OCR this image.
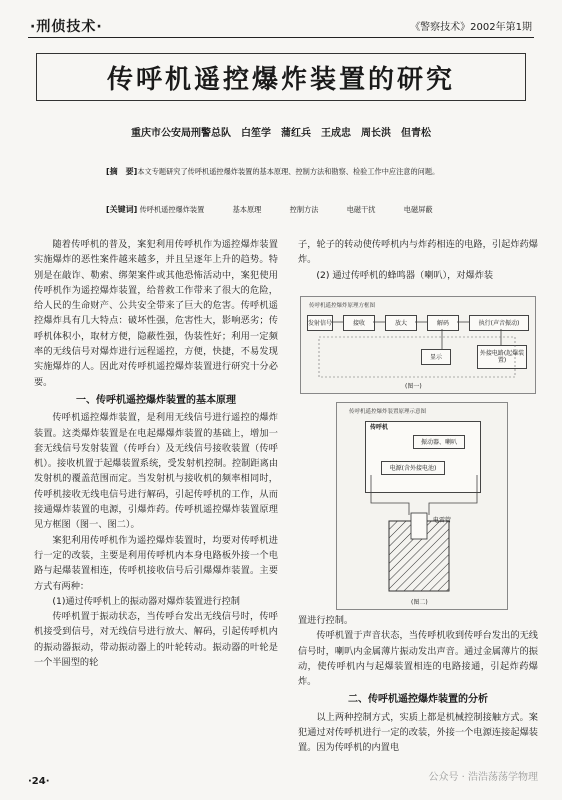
·刑侦技术·	《警察技术》2002年第1期
传呼机遥控爆炸装置的研究
重庆市公安局刑警总队　白笙学　蒲红兵　王成忠　周长洪　但青松
[摘　要]本文专题研究了传呼机遥控爆炸装置的基本原理、控制方法和勘察、检验工作中应注意的问题。
[关键词] 传呼机遥控爆炸装置	基本原理	控制方法	电磁干扰	电磁屏蔽

随着传呼机的普及，案犯利用传呼机作为遥控爆炸装置实施爆炸的恶性案件越来越多，并且呈逐年上升的趋势。特别是在敲诈、勒索、绑架案件或其他恐怖活动中，案犯使用传呼机作为遥控爆炸装置，给普救工作带来了很大的危险，给人民的生命财产、公共安全带来了巨大的危害。传呼机遥控爆炸具有几大特点：破坏性强，危害性大，影响恶劣；传呼机体积小，取材方便，隐蔽性强，伪装性好；利用一定频率的无线信号对爆炸进行远程遥控，方便，快捷，不易发现实施爆炸的人。因此对传呼机遥控爆炸装置进行研究十分必要。

一、传呼机遥控爆炸装置的基本原理

传呼机遥控爆炸装置，是利用无线信号进行遥控的爆炸装置。这类爆炸装置是在电起爆爆炸装置的基础上，增加一套无线信号发射装置（传呼台）及无线信号接收装置（传呼机）。接收机置于起爆装置系统，受发射机控制。控制距离由发射机的覆盖范围而定。当发射机与接收机的频率相同时，传呼机接收无线电信号进行解码，引起传呼机的工作，从而接通爆炸装置的电源，引爆炸药。传呼机遥控爆炸装置原理见方框图（图一、图二）。

案犯利用传呼机作为遥控爆炸装置时，均要对传呼机进行一定的改装，主要是利用传呼机内本身电路板外接一个电路与起爆装置相连，传呼机接收信号后引爆爆炸装置。主要方式有两种：

(1)通过传呼机上的振动器对爆炸装置进行控制

传呼机置于振动状态，当传呼台发出无线信号时，传呼机接受到信号，对无线信号进行放大、解码，引起传呼机内的振动器振动，带动振动器上的叶轮转动。振动器的叶轮是一个半圆型的轮

子，轮子的转动使传呼机内与炸药相连的电路，引起炸药爆炸。

(2) 通过传呼机的蜂鸣器（喇叭），对爆炸装

传呼机遥控爆炸原理方框图
发射信号	接收	放大	解码	执行(声音振动)
显示	外接电路(起爆装置)
(图一)
传呼机遥控爆炸装置原理示意图
传呼机
振动器、喇叭
电源(含外接电池)
电雷管
(图二)

置进行控制。

传呼机置于声音状态，当传呼机收到传呼台发出的无线信号时，喇叭内金属薄片振动发出声音。通过金属薄片的振动，使传呼机内与起爆装置相连的电路接通，引起炸药爆炸。

二、传呼机遥控爆炸装置的分析

以上两种控制方式，实质上都是机械控制接触方式。案犯通过对传呼机进行一定的改装，外接一个电源连接起爆装置。因为传呼机的内置电

·24·	公众号 · 浩浩荡荡学物理
